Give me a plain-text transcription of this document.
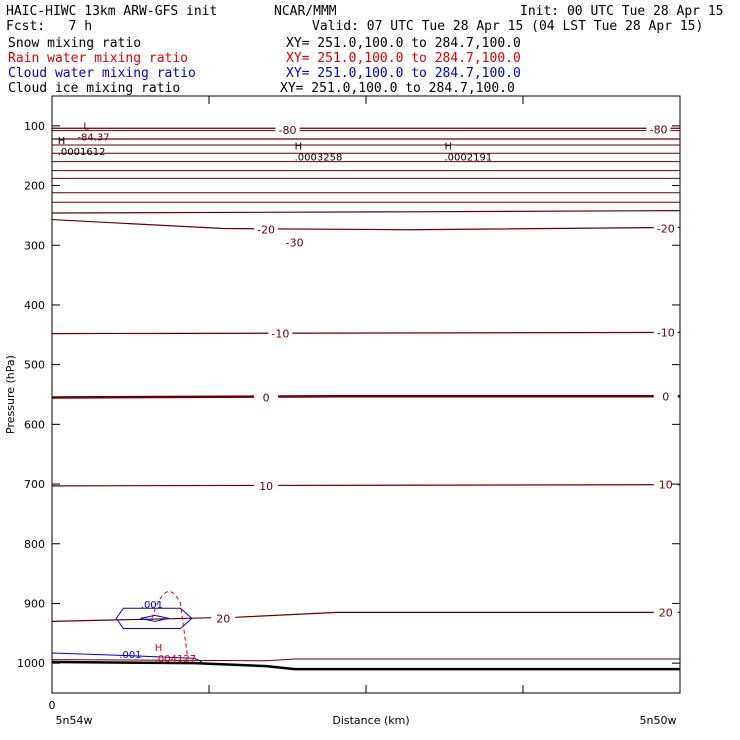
HAIC-HIWC 13km ARW-GFS init	NCAR/MMM	Init: 00 UTC Tue 28 Apr 15
Fcst:   7 h	Valid: 07 UTC Tue 28 Apr 15 (04 LST Tue 28 Apr 15)
Snow mixing ratio	XY= 251.0,100.0 to 284.7,100.0
Rain water mixing ratio	XY= 251.0,100.0 to 284.7,100.0
Cloud water mixing ratio	XY= 251.0,100.0 to 284.7,100.0
Cloud ice mixing ratio	XY= 251.0,100.0 to 284.7,100.0
-80	-80
-30
-20	-20
-10	-10
0	0
10	10
20	20
.001
.001
L
-84.37
H
.0001612	H
.0003258
H
.0002191
H
.004127
100
200
300
400
500
600
700
800
900
1000
Pressure (hPa)
Distance (km)
0
5n54w	5n50w
